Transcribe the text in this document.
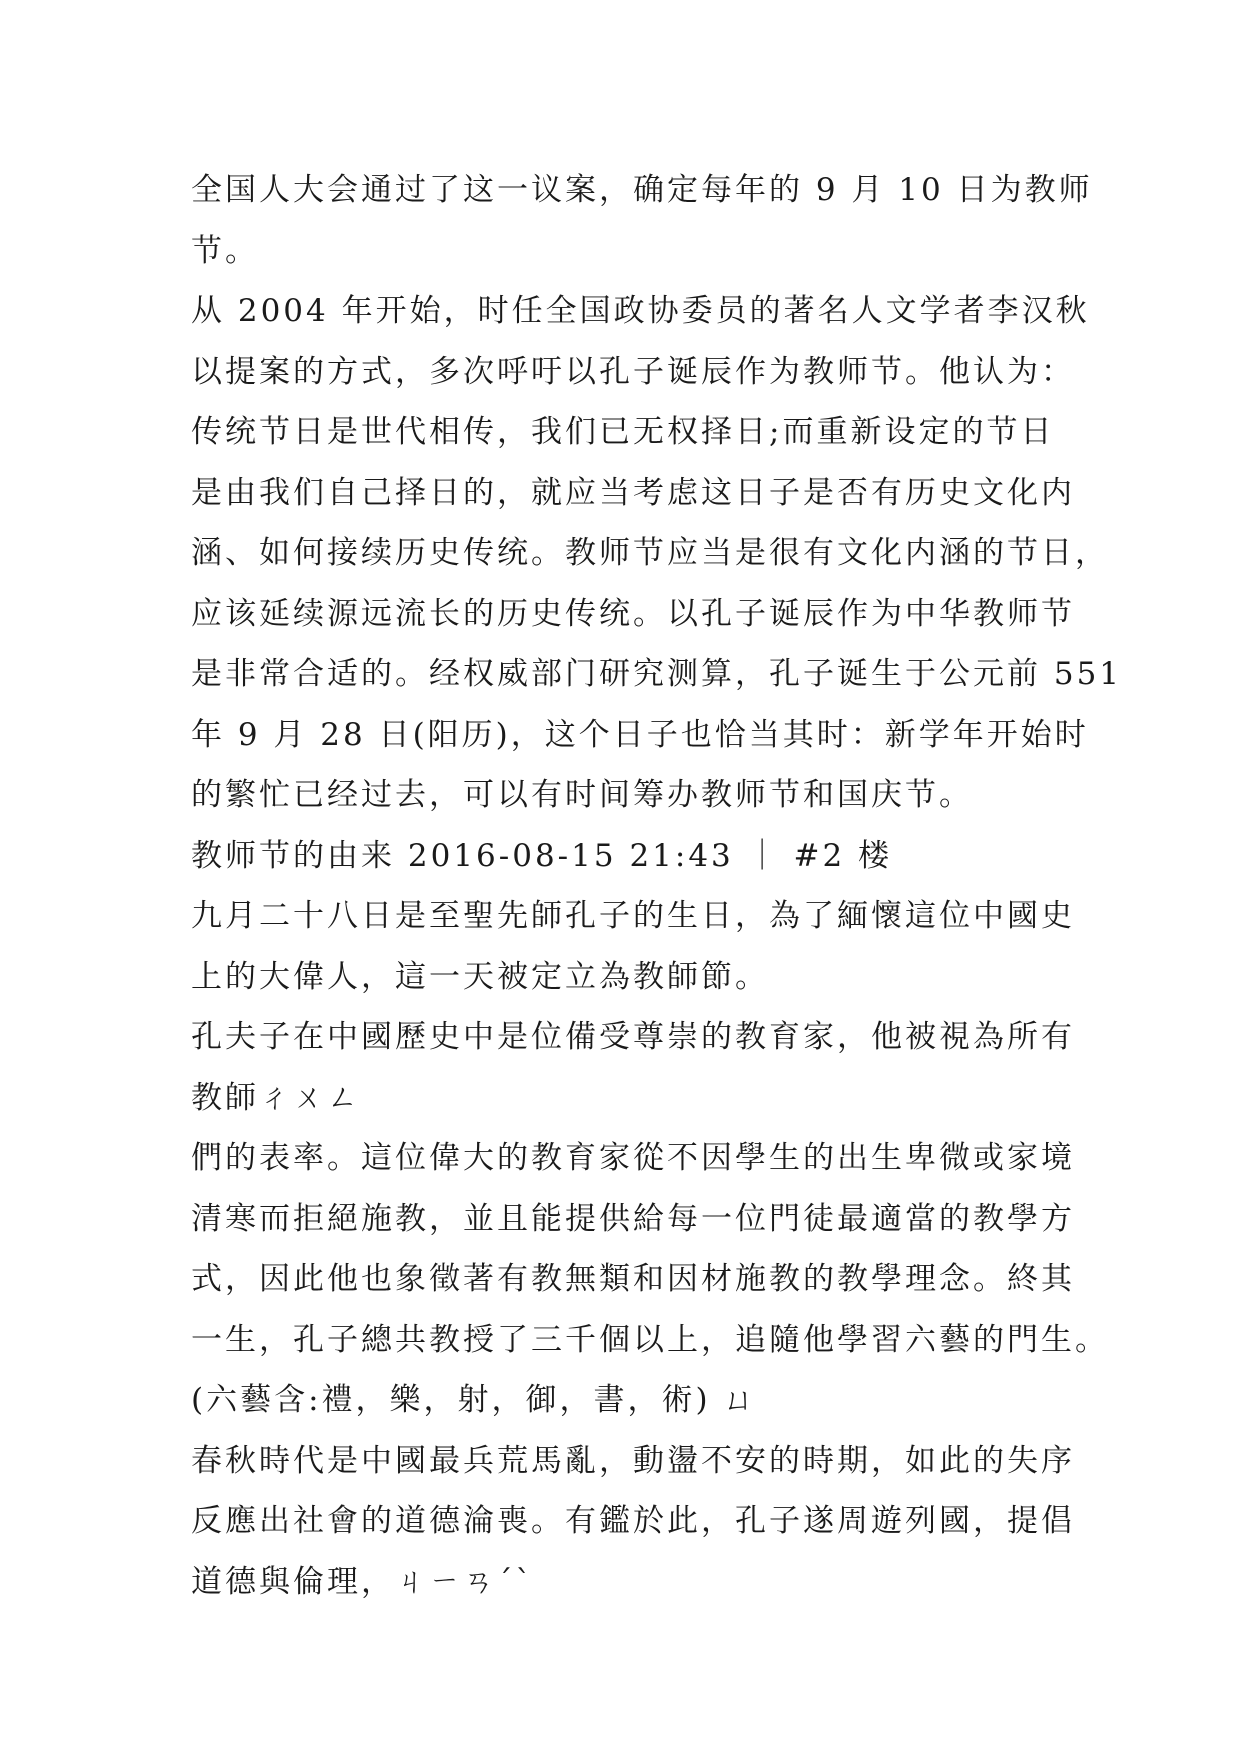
全国人大会通过了这一议案，确定每年的 9 月 10 日为教师
节。
从 2004 年开始，时任全国政协委员的著名人文学者李汉秋
以提案的方式，多次呼吁以孔子诞辰作为教师节。他认为：
传统节日是世代相传，我们已无权择日;而重新设定的节日
是由我们自己择日的，就应当考虑这日子是否有历史文化内
涵、如何接续历史传统。教师节应当是很有文化内涵的节日，
应该延续源远流长的历史传统。以孔子诞辰作为中华教师节
是非常合适的。经权威部门研究测算，孔子诞生于公元前 551
年 9 月 28 日(阳历)，这个日子也恰当其时：新学年开始时
的繁忙已经过去，可以有时间筹办教师节和国庆节。
教师节的由来 2016-08-15 21:43 ｜ #2 楼
九月二十八日是至聖先師孔子的生日，為了緬懷這位中國史
上的大偉人，這一天被定立為教師節。
孔夫子在中國歷史中是位備受尊崇的教育家，他被視為所有
教師ㄔㄨㄥ
們的表率。這位偉大的教育家從不因學生的出生卑微或家境
清寒而拒絕施教，並且能提供給每一位門徒最適當的教學方
式，因此他也象徵著有教無類和因材施教的教學理念。終其
一生，孔子總共教授了三千個以上，追隨他學習六藝的門生。
(六藝含:禮，樂，射，御，書，術) ㄩ
春秋時代是中國最兵荒馬亂，動盪不安的時期，如此的失序
反應出社會的道德淪喪。有鑑於此，孔子遂周遊列國，提倡
道德與倫理，ㄐㄧㄢˊˋ
